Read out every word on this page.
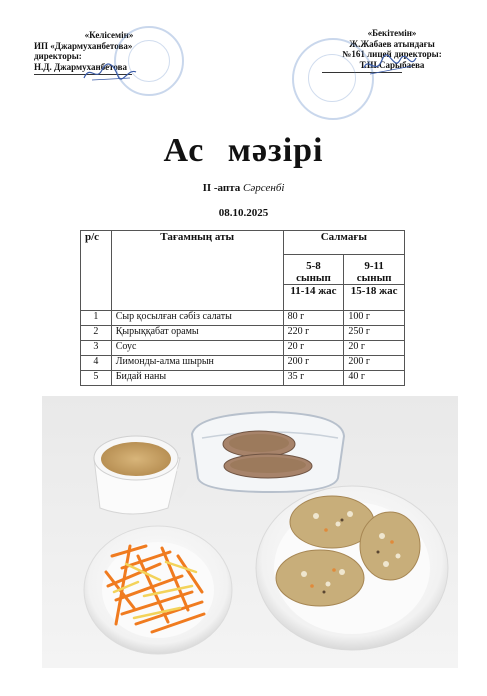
«Келісемін»
ИП «Джармуханбетова»
директоры:
Н.Д. Джармуханбетова
«Бекітемін»
Ж.Жабаев атындағы
№161 лицей директоры:
Т.Ш.Сарыбаева
Ас мәзірі
II -апта Сәрсенбі
08.10.2025
р/с	Тағамның аты	Салмағы	
		5-8 сынып	9-11 сынып
		11-14 жас	15-18 жас
1	Сыр қосылған сәбіз салаты	80 г	100 г
2	Қырыққабат орамы	220 г	250 г
3	Соус	20 г	20 г
4	Лимонды-алма шырын	200 г	200 г
5	Бидай наны	35 г	40 г
